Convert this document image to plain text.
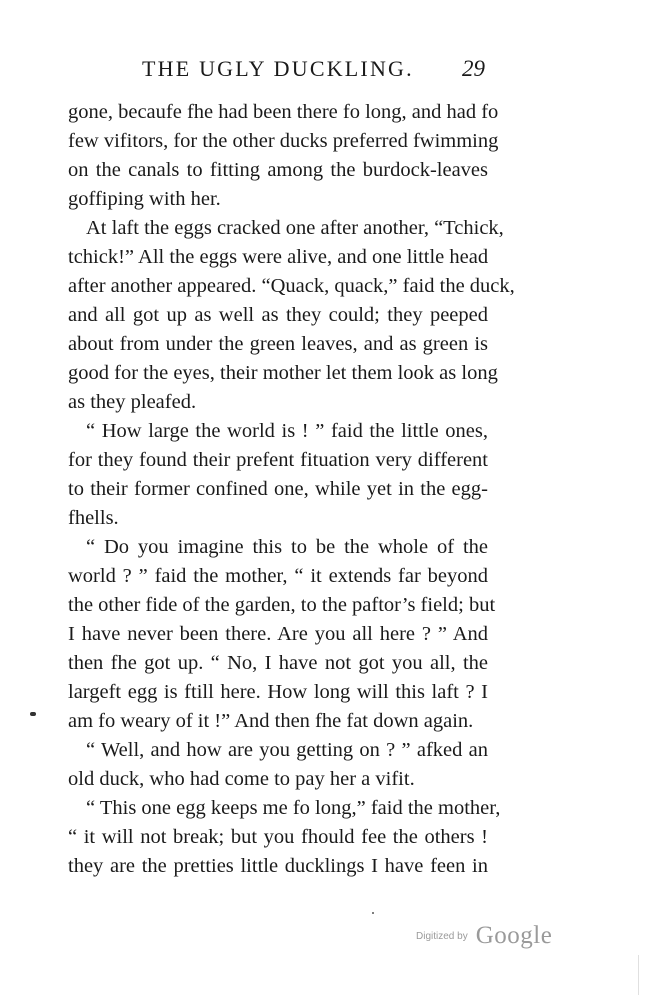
THE UGLY DUCKLING. 29
gone, becaufe fhe had been there fo long, and had fo
few vifitors, for the other ducks preferred fwimming
on the canals to fitting among the burdock-leaves
goffiping with her.
At laft the eggs cracked one after another, “Tchick,
tchick!” All the eggs were alive, and one little head
after another appeared. “Quack, quack,” faid the duck,
and all got up as well as they could; they peeped
about from under the green leaves, and as green is
good for the eyes, their mother let them look as long
as they pleafed.
“ How large the world is ! ” faid the little ones,
for they found their prefent fituation very different
to their former confined one, while yet in the egg-
fhells.
“ Do you imagine this to be the whole of the
world ? ” faid the mother, “ it extends far beyond
the other fide of the garden, to the paftor’s field; but
I have never been there. Are you all here ? ” And
then fhe got up. “ No, I have not got you all, the
largeft egg is ftill here. How long will this laft ? I
am fo weary of it !” And then fhe fat down again.
“ Well, and how are you getting on ? ” afked an
old duck, who had come to pay her a vifit.
“ This one egg keeps me fo long,” faid the mother,
“ it will not break; but you fhould fee the others !
they are the pretties little ducklings I have feen in
Digitized by Google
